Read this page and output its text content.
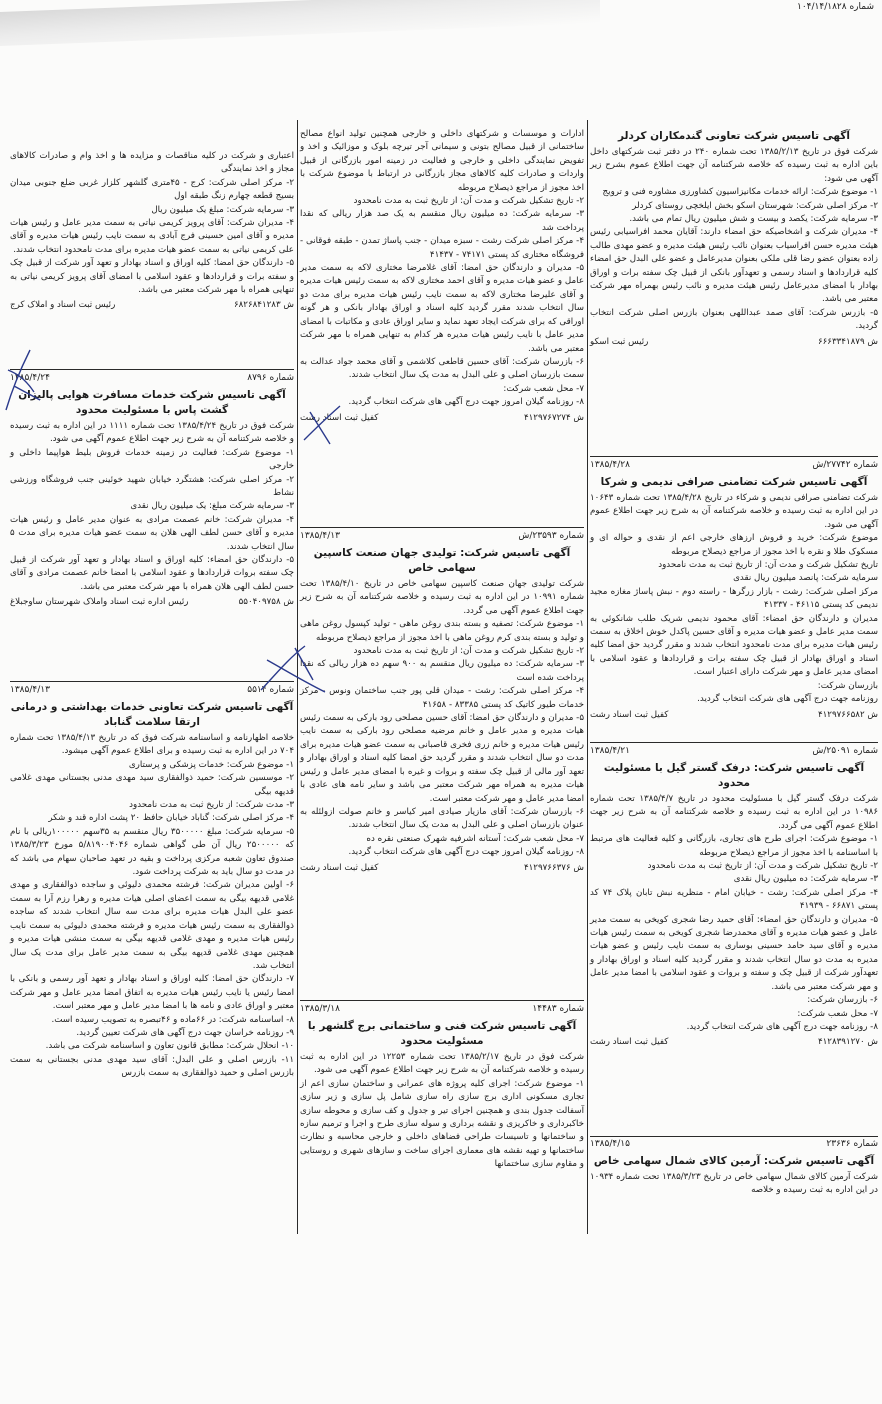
شماره ۱۰۴/۱۴/۱۸۲۸
آگهی تاسیس شرکت تعاونی گندمکاران کردلر

شرکت فوق در تاریخ ۱۳۸۵/۲/۱۳ تحت شماره ۲۴۰ در دفتر ثبت شرکتهای داخل باین اداره به ثبت رسیده که خلاصه شرکتنامه آن جهت اطلاع عموم بشرح زیر آگهی می شود:

۱- موضوع شرکت: ارائه خدمات مکانیزاسیون کشاورزی مشاوره فنی و ترویج

۲- مرکز اصلی شرکت: شهرستان اسکو بخش ایلخچی روستای کردلر

۳- سرمایه شرکت: یکصد و بیست و شش میلیون ریال تمام می باشد.

۴- مدیران شرکت و اشخاصیکه حق امضاء دارند: آقایان محمد افراسیابی رئیس هیئت مدیره حسن افراسیاب بعنوان نائب رئیس هیئت مدیره و عضو مهدی طالب زاده بعنوان عضو رضا قلی ملکی بعنوان مدیرعامل و عضو علی البدل حق امضاء کلیه قراردادها و اسناد رسمی و تعهدآور بانکی از قبیل چک سفته برات و اوراق بهادار با امضای مدیرعامل رئیس هیئت مدیره و نائب رئیس بهمراه مهر شرکت معتبر می باشد.

۵- بازرس شرکت: آقای صمد عبداللهی بعنوان بازرس اصلی شرکت انتخاب گردید.

ش ۶۶۶۳۳۴۱۸۷۹
رئیس ثبت اسکو
شماره ۲۷۷۴۲/ش
۱۳۸۵/۴/۲۸
آگهی تاسیس شرکت تضامنی صرافی ندیمی و شرکا

شرکت تضامنی صرافی ندیمی و شرکاء در تاریخ ۱۳۸۵/۴/۲۸ تحت شماره ۱۰۶۴۳ در این اداره به ثبت رسیده و خلاصه شرکتنامه آن به شرح زیر جهت اطلاع عموم آگهی می شود.

موضوع شرکت: خرید و فروش ارزهای خارجی اعم از نقدی و حواله ای و مسکوک طلا و نقره با اخذ مجوز از مراجع ذیصلاح مربوطه

تاریخ تشکیل شرکت و مدت آن: از تاریخ ثبت به مدت نامحدود

سرمایه شرکت: پانصد میلیون ریال نقدی

مرکز اصلی شرکت: رشت - بازار زرگرها - راسته دوم - نبش پاساژ مغازه مجید ندیمی کد پستی ۴۶۱۱۵ - ۴۱۳۳۷

مدیران و دارندگان حق امضاء: آقای محمود ندیمی شریک طلب شانکوئی به سمت مدیر عامل و عضو هیات مدیره و آقای حسین پاکدل خوش اخلاق به سمت رئیس هیات مدیره برای مدت نامحدود انتخاب شدند و مقرر گردید حق امضا کلیه اسناد و اوراق بهادار از قبیل چک سفته برات و قراردادها و عقود اسلامی با امضای مدیر عامل و مهر شرکت دارای اعتبار است.

بازرسان شرکت:

روزنامه جهت درج آگهی های شرکت انتخاب گردید.

ش ۴۱۲۹۷۶۶۵۸۲
کفیل ثبت اسناد رشت
شماره ۲۵۰۹۱/ش
۱۳۸۵/۴/۲۱
آگهی تاسیس شرکت: درفک گستر گیل با مسئولیت محدود

شرکت درفک گستر گیل با مسئولیت محدود در تاریخ ۱۳۸۵/۴/۷ تحت شماره ۱۰۹۸۶ در این اداره به ثبت رسیده و خلاصه شرکتنامه آن به شرح زیر جهت اطلاع عموم آگهی می گردد.

۱- موضوع شرکت: اجرای طرح های تجاری، بازرگانی و کلیه فعالیت های مرتبط با اساسنامه با اخذ مجوز از مراجع ذیصلاح مربوطه

۲- تاریخ تشکیل شرکت و مدت آن: از تاریخ ثبت به مدت نامحدود

۳- سرمایه شرکت: ده میلیون ریال نقدی

۴- مرکز اصلی شرکت: رشت - خیابان امام - منظریه نبش تابان پلاک ۷۴ کد پستی ۶۶۸۷۱ - ۴۱۹۳۹

۵- مدیران و دارندگان حق امضاء: آقای حمید رضا شجری کویخی به سمت مدیر عامل و عضو هیات مدیره و آقای محمدرضا شجری کویخی به سمت رئیس هیات مدیره و آقای سید حامد حسینی بوساری به سمت نایب رئیس و عضو هیات مدیره به مدت دو سال انتخاب شدند و مقرر گردید کلیه اسناد و اوراق بهادار و تعهدآور شرکت از قبیل چک و سفته و بروات و عقود اسلامی با امضا مدیر عامل و مهر شرکت معتبر می باشد.

۶- بازرسان شرکت:

۷- محل شعب شرکت:

۸- روزنامه جهت درج آگهی های شرکت انتخاب گردید.

ش ۴۱۲۸۳۹۱۲۷۰
کفیل ثبت اسناد رشت
شماره ۲۳۶۳۶
۱۳۸۵/۴/۱۵
آگهی تاسیس شرکت: آرمین کالای شمال سهامی خاص

شرکت آرمین کالای شمال سهامی خاص در تاریخ ۱۳۸۵/۳/۲۳ تحت شماره ۱۰۹۳۴ در این اداره به ثبت رسیده و خلاصه

ادارات و موسسات و شرکتهای داخلی و خارجی همچنین تولید انواع مصالح ساختمانی از قبیل مصالح بتونی و سیمانی آجر تیرچه بلوک و موزائیک و اخذ و تفویض نمایندگی داخلی و خارجی و فعالیت در زمینه امور بازرگانی از قبیل واردات و صادرات کلیه کالاهای مجاز بازرگانی در ارتباط با موضوع شرکت با اخذ مجوز از مراجع ذیصلاح مربوطه

۲- تاریخ تشکیل شرکت و مدت آن: از تاریخ ثبت به مدت نامحدود

۳- سرمایه شرکت: ده میلیون ریال منقسم به یک صد هزار ریالی که نقدا پرداخت شد

۴- مرکز اصلی شرکت رشت - سبزه میدان - جنب پاساژ تمدن - طبقه فوقانی - فروشگاه مختاری کد پستی ۷۴۱۷۱ - ۴۱۴۳۷

۵- مدیران و دارندگان حق امضا: آقای غلامرضا مختاری لاکه به سمت مدیر عامل و عضو هیات مدیره و آقای احمد مختاری لاکه به سمت رئیس هیات مدیره و آقای علیرضا مختاری لاکه به سمت نایب رئیس هیات مدیره برای مدت دو سال انتخاب شدند مقرر گردید کلیه اسناد و اوراق بهادار بانکی و هر گونه اوراقی که برای شرکت ایجاد تعهد نماید و سایر اوراق عادی و مکاتبات با امضای مدیر عامل با نایب رئیس هیات مدیره هر کدام به تنهایی همراه با مهر شرکت معتبر می باشد.

۶- بازرسان شرکت: آقای حسین قاطعی کلاشمی و آقای محمد جواد عدالت به سمت بازرسان اصلی و علی البدل به مدت یک سال انتخاب شدند.

۷- محل شعب شرکت:

۸- روزنامه گیلان امروز جهت درج آگهی های شرکت انتخاب گردید.

ش ۴۱۲۹۷۶۷۲۷۴
کفیل ثبت اسناد رشت
شماره ۲۳۵۹۳/ش
۱۳۸۵/۴/۱۳
آگهی تاسیس شرکت: تولیدی جهان صنعت کاسپین سهامی خاص

شرکت تولیدی جهان صنعت کاسپین سهامی خاص در تاریخ ۱۳۸۵/۴/۱۰ تحت شماره ۱۰۹۹۱ در این اداره به ثبت رسیده و خلاصه شرکتنامه آن به شرح زیر جهت اطلاع عموم آگهی می گردد.

۱- موضوع شرکت: تصفیه و بسته بندی روغن ماهی - تولید کپسول روغن ماهی و تولید و بسته بندی کرم روغن ماهی با اخذ مجوز از مراجع ذیصلاح مربوطه

۲- تاریخ تشکیل شرکت و مدت آن: از تاریخ ثبت به مدت نامحدود

۳- سرمایه شرکت: ده میلیون ریال منقسم به ۹۰۰ سهم ده هزار ریالی که نقدا پرداخت شده است

۴- مرکز اصلی شرکت: رشت - میدان قلی پور جنب ساختمان ونوس - مرکز خدمات طیور کاتیک کد پستی ۸۳۳۸۵ - ۴۱۶۵۸

۵- مدیران و دارندگان حق امضا: آقای حسین مصلحی رود بارکی به سمت رئیس هیات مدیره و مدیر عامل و خانم مرضیه مصلحی رود بارکی به سمت نایب رئیس هیات مدیره و خانم زری فخری قاصبانی به سمت عضو هیات مدیره برای مدت دو سال انتخاب شدند و مقرر گردید حق امضا کلیه اسناد و اوراق بهادار و تعهد آور مالی از قبیل چک سفته و بروات و غیره با امضای مدیر عامل و رئیس هیات مدیره به همراه مهر شرکت معتبر می باشد و سایر نامه های عادی با امضا مدیر عامل و مهر شرکت معتبر است.

۶- بازرسان شرکت: آقای مازیار صیادی امیر کیاسر و خانم صولت ازولئله به عنوان بازرسان اصلی و علی البدل به مدت یک سال انتخاب شدند.

۷- محل شعب شرکت: آستانه اشرفیه شهرک صنعتی نقره ده

۸- روزنامه گیلان امروز جهت درج آگهی های شرکت انتخاب گردید.

ش ۴۱۲۹۷۶۶۳۷۶
کفیل ثبت اسناد رشت
شماره ۱۴۴۸۳
۱۳۸۵/۳/۱۸
آگهی تاسیس شرکت فنی و ساختمانی برج گلشهر با مسئولیت محدود

شرکت فوق در تاریخ ۱۳۸۵/۲/۱۷ تحت شماره ۱۲۲۵۳ در این اداره به ثبت رسیده و خلاصه شرکتنامه آن به شرح زیر جهت اطلاع عموم آگهی می شود.

۱- موضوع شرکت: اجرای کلیه پروژه های عمرانی و ساختمان سازی اعم از تجاری مسکونی اداری برج سازی راه سازی شامل پل سازی و زیر سازی آسفالت جدول بندی و همچنین اجرای تیر و جدول و کف سازی و محوطه سازی خاکبرداری و خاکریزی و نقشه برداری و سوله سازی طرح و اجرا و ترمیم سازه و ساختمانها و تاسیسات طراحی فضاهای داخلی و خارجی محاسبه و نظارت ساختمانها و تهیه نقشه های معماری اجرای ساخت و سازهای شهری و روستایی و مقاوم سازی ساختمانها

اعتباری و شرکت در کلیه مناقصات و مزایده ها و اخذ وام و صادرات کالاهای مجاز و اخذ نمایندگی

۲- مرکز اصلی شرکت: کرج - ۴۵متری گلشهر کلزار غربی ضلع جنوبی میدان بسیج قطعه چهارم زنگ طبقه اول

۳- سرمایه شرکت: مبلغ یک میلیون ریال

۴- مدیران شرکت: آقای پرویز کریمی نیاتی به سمت مدیر عامل و رئیس هیات مدیره و آقای امین حسینی فرج آبادی به سمت نایب رئیس هیات مدیره و آقای علی کریمی نیاتی به سمت عضو هیات مدیره برای مدت نامحدود انتخاب شدند.

۵- دارندگان حق امضا: کلیه اوراق و اسناد بهادار و تعهد آور شرکت از قبیل چک و سفته برات و قراردادها و عقود اسلامی با امضای آقای پرویز کریمی نیاتی به تنهایی همراه با مهر شرکت معتبر می باشد.

ش ۶۸۲۶۸۴۱۲۸۳
رئیس ثبت اسناد و املاک کرج
شماره ۸۷۹۶
۱۳۸۵/۴/۲۴
آگهی تاسیس شرکت خدمات مسافرت هوایی پالیزان گشت پاس با مسئولیت محدود

شرکت فوق در تاریخ ۱۳۸۵/۴/۲۴ تحت شماره ۱۱۱۱ در این اداره به ثبت رسیده و خلاصه شرکتنامه آن به شرح زیر جهت اطلاع عموم آگهی می شود.

۱- موضوع شرکت: فعالیت در زمینه خدمات فروش بلیط هواپیما داخلی و خارجی

۲- مرکز اصلی شرکت: هشتگرد خیابان شهید خوئینی جنب فروشگاه ورزشی نشاط

۳- سرمایه شرکت مبلغ: یک میلیون ریال نقدی

۴- مدیران شرکت: خانم عصمت مرادی به عنوان مدیر عامل و رئیس هیات مدیره و آقای حسن لطف الهی هلان به سمت عضو هیات مدیره برای مدت ۵ سال انتخاب شدند.

۵- دارندگان حق امضاء: کلیه اوراق و اسناد بهادار و تعهد آور شرکت از قبیل چک سفته بروات قراردادها و عقود اسلامی با امضا خانم عصمت مرادی و آقای حسن لطف الهی هلان همراه با مهر شرکت معتبر می باشد.

ش ۵۵۰۴۰۹۷۵۸
رئیس اداره ثبت اسناد واملاک شهرستان ساوجبلاغ
شماره ۵۵۱۴
۱۳۸۵/۴/۱۳
آگهی تاسیس شرکت تعاونی خدمات بهداشتی و درمانی ارتقا سلامت گناباد

خلاصه اظهارنامه و اساسنامه شرکت فوق که در تاریخ ۱۳۸۵/۴/۱۳ تحت شماره ۷۰۴ در این اداره به ثبت رسیده و برای اطلاع عموم آگهی میشود.

۱- موضوع شرکت: خدمات پزشکی و پرستاری

۲- موسسین شرکت: حمید ذوالفقاری سید مهدی مدنی بجستانی مهدی غلامی قدیهه بیگی

۳- مدت شرکت: از تاریخ ثبت به مدت نامحدود

۴- مرکز اصلی شرکت: گناباد خیابان حافظ ۲۰ پشت اداره قند و شکر

۵- سرمایه شرکت: مبلغ ۳۵۰۰۰۰۰ ریال منقسم به ۳۵سهم ۱۰۰۰۰۰ریالی با نام که ۲۵۰۰۰۰۰ ریال آن طی گواهی شماره ۵/۸۱۹۰۰۴۰۴۶ مورخ ۱۳۸۵/۳/۲۳ صندوق تعاون شعبه مرکزی پرداخت و بقیه در تعهد صاحبان سهام می باشد که در مدت دو سال باید به شرکت پرداخت شود.

۶- اولین مدیران شرکت: فرشته محمدی دلیوئی و ساجده ذوالفقاری و مهدی غلامی قدیهه بیگی به سمت اعضای اصلی هیات مدیره و رهرا رزم آرا به سمت عضو علی البدل هیات مدیره برای مدت سه سال انتخاب شدند که ساجده ذوالفقاری به سمت رئیس هیات مدیره و فرشته محمدی دلیوئی به سمت نایب رئیس هیات مدیره و مهدی غلامی قدیهه بیگی به سمت منشی هیات مدیره و همچنین مهدی غلامی قدیهه بیگی به سمت مدیر عامل برای مدت یک سال انتخاب شد.

۷- دارندگان حق امضا: کلیه اوراق و اسناد بهادار و تعهد آور رسمی و بانکی با امضا رئیس یا نایب رئیس هیات مدیره به اتفاق امضا مدیر عامل و مهر شرکت معتبر و اوراق عادی و نامه ها با امضا مدیر عامل و مهر معتبر است.

۸- اساسنامه شرکت: در ۶۶ماده و ۴۶تبصره به تصویب رسیده است.

۹- روزنامه خراسان جهت درج آگهی های شرکت تعیین گردید.

۱۰- انحلال شرکت: مطابق قانون تعاون و اساسنامه شرکت می باشد.

۱۱- بازرس اصلی و علی البدل: آقای سید مهدی مدنی بجستانی به سمت بازرس اصلی و حمید ذوالفقاری به سمت بازرس
